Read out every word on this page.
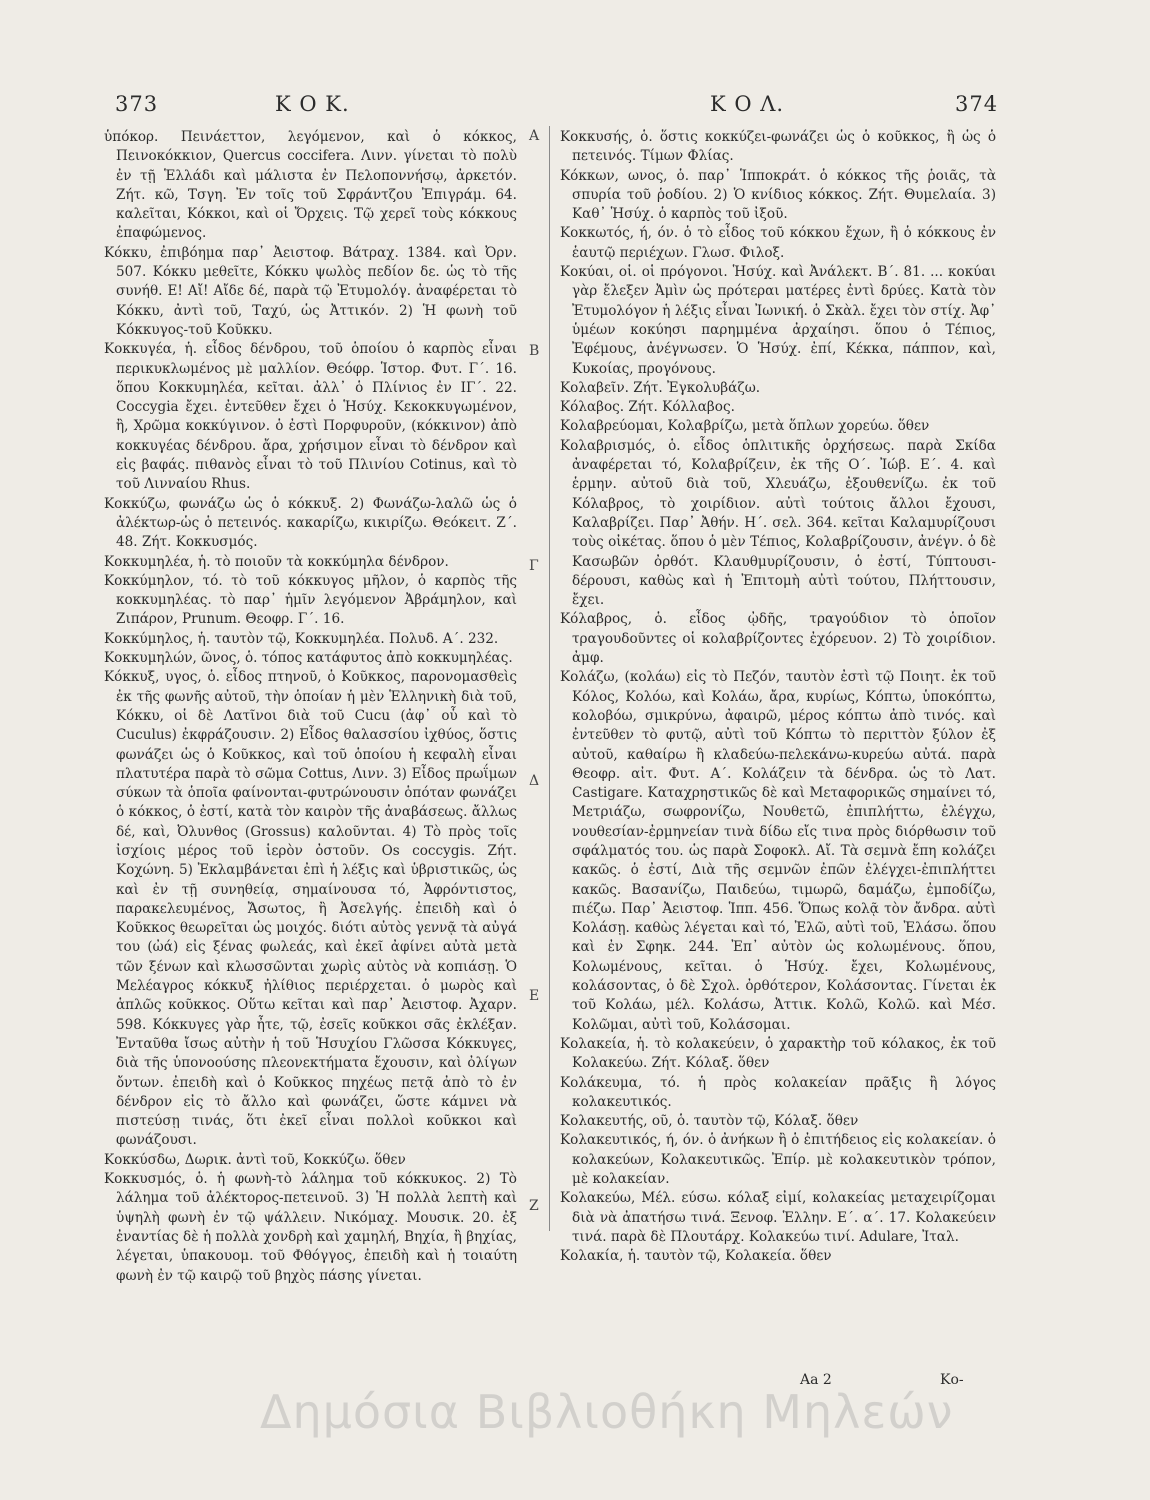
373	Κ Ο Κ.	Κ Ο Λ.	374

ὑπόκορ. Πεινάεττον, λεγόμενον, καὶ ὁ κόκκος, Πεινοκόκκιον, Quercus coccifera. Λινν. γίνεται τὸ πολὺ ἐν τῇ Ἑλλάδι καὶ μάλιστα ἐν Πελοποννήσῳ, ἀρκετόν. Ζήτ. κῶ, Τσγη. Ἐν τοῖς τοῦ Σφράντζου Ἐπιγράμ. 64. καλεῖται, Κόκκοι, καὶ οἱ Ὄρχεις. Τῷ χερεῖ τοὺς κόκκους ἐπαφώμενος.

Κόκκυ, ἐπιβόημα παρ᾽ Ἀειστοφ. Βάτραχ. 1384. καὶ Ὀρν. 507. Κόκκυ μεθεῖτε, Κόκκυ ψωλὸς πεδίον δε. ὡς τὸ τῆς συνήθ. Ε! Αἴ! Αἴδε δέ, παρὰ τῷ Ἐτυμολόγ. ἀναφέρεται τὸ Κόκκυ, ἀντὶ τοῦ, Ταχύ, ὡς Ἀττικόν. 2) Ἡ φωνὴ τοῦ Κόκκυγος-τοῦ Κοῦκκυ.

Κοκκυγέα, ἡ. εἶδος δένδρου, τοῦ ὁποίου ὁ καρπὸς εἶναι περικυκλωμένος μὲ μαλλίον. Θεόφρ. Ἱστορ. Φυτ. Γ΄. 16. ὅπου Κοκκυμηλέα, κεῖται. ἀλλ᾽ ὁ Πλίνιος ἐν ΙΓ΄. 22. Coccygia ἔχει. ἐντεῦθεν ἔχει ὁ Ἡσύχ. Κεκοκκυγωμένον, ἢ, Χρῶμα κοκκύγινον. ὁ ἐστὶ Πορφυροῦν, (κόκκινον) ἀπὸ κοκκυγέας δένδρου. ἄρα, χρήσιμον εἶναι τὸ δένδρον καὶ εἰς βαφάς. πιθανὸς εἶναι τὸ τοῦ Πλινίου Cotinus, καὶ τὸ τοῦ Λινναίου Rhus.

Κοκκύζω, φωνάζω ὡς ὁ κόκκυξ. 2) Φωνάζω-λαλῶ ὡς ὁ ἀλέκτωρ-ὡς ὁ πετεινός. κακαρίζω, κικιρίζω. Θεόκειτ. Ζ΄. 48. Ζήτ. Κοκκυσμός.

Κοκκυμηλέα, ἡ. τὸ ποιοῦν τὰ κοκκύμηλα δένδρον.

Κοκκύμηλον, τό. τὸ τοῦ κόκκυγος μῆλον, ὁ καρπὸς τῆς κοκκυμηλέας. τὸ παρ᾽ ἡμῖν λεγόμενον Ἀβράμηλον, καὶ Ζιπάρον, Prunum. Θεοφρ. Γ΄. 16.

Κοκκύμηλος, ἡ. ταυτὸν τῷ, Κοκκυμηλέα. Πολυδ. Α΄. 232.

Κοκκυμηλών, ῶνος, ὁ. τόπος κατάφυτος ἀπὸ κοκκυμηλέας.

Κόκκυξ, υγος, ὁ. εἶδος πτηνοῦ, ὁ Κοῦκκος, παρονομασθεὶς ἐκ τῆς φωνῆς αὐτοῦ, τὴν ὁποίαν ἡ μὲν Ἑλληνικὴ διὰ τοῦ, Κόκκυ, οἱ δὲ Λατῖνοι διὰ τοῦ Cucu (ἀφ᾽ οὗ καὶ τὸ Cuculus) ἐκφράζουσιν. 2) Εἶδος θαλασσίου ἰχθύος, ὅστις φωνάζει ὡς ὁ Κοῦκκος, καὶ τοῦ ὁποίου ἡ κεφαλὴ εἶναι πλατυτέρα παρὰ τὸ σῶμα Cottus, Λινν. 3) Εἶδος πρωΐμων σύκων τὰ ὁποῖα φαίνονται-φυτρώνουσιν ὁπόταν φωνάζει ὁ κόκκος, ὁ ἐστί, κατὰ τὸν καιρὸν τῆς ἀναβάσεως. ἄλλως δέ, καὶ, Ὀλυνθος (Grossus) καλοῦνται. 4) Τὸ πρὸς τοῖς ἰσχίοις μέρος τοῦ ἱερὸν ὀστοῦν. Os coccygis. Ζήτ. Κοχώνη. 5) Ἐκλαμβάνεται ἐπὶ ἡ λέξις καὶ ὑβριστικῶς, ὡς καὶ ἐν τῇ συνηθείᾳ, σημαίνουσα τό, Ἀφρόντιστος, παρακελευμένος, Ἄσωτος, ἢ Ἀσελγής. ἐπειδὴ καὶ ὁ Κοῦκκος θεωρεῖται ὡς μοιχός. διότι αὐτὸς γεννᾷ τὰ αὐγά του (ὠά) εἰς ξένας φωλεάς, καὶ ἐκεῖ ἀφίνει αὐτὰ μετὰ τῶν ξένων καὶ κλωσσῶνται χωρὶς αὐτὸς νὰ κοπιάσῃ. Ὁ Μελέαγρος κόκκυξ ἠλίθιος περιέρχεται. ὁ μωρὸς καὶ ἁπλῶς κοῦκκος. Οὕτω κεῖται καὶ παρ᾽ Ἀειστοφ. Ἀχαρν. 598. Κόκκυγες γὰρ ἦτε, τῷ, ἐσεῖς κοῦκκοι σᾶς ἐκλέξαν. Ἐνταῦθα ἴσως αὐτὴν ἡ τοῦ Ἡσυχίου Γλῶσσα Κόκκυγες, διὰ τῆς ὑπονοούσης πλεονεκτήματα ἔχουσιν, καὶ ὀλίγων ὄντων. ἐπειδὴ καὶ ὁ Κοῦκκος πηχέως πετᾷ ἀπὸ τὸ ἐν δένδρον εἰς τὸ ἄλλο καὶ φωνάζει, ὥστε κάμνει νὰ πιστεύσῃ τινάς, ὅτι ἐκεῖ εἶναι πολλοὶ κοῦκκοι καὶ φωνάζουσι.

Κοκκύσδω, Δωρικ. ἀντὶ τοῦ, Κοκκύζω. ὅθεν

Κοκκυσμός, ὁ. ἡ φωνὴ-τὸ λάλημα τοῦ κόκκυκος. 2) Τὸ λάλημα τοῦ ἀλέκτορος-πετεινοῦ. 3) Ἡ πολλὰ λεπτὴ καὶ ὑψηλὴ φωνὴ ἐν τῷ ψάλλειν. Νικόμαχ. Μουσικ. 20. ἐξ ἐναντίας δὲ ἡ πολλὰ χονδρὴ καὶ χαμηλή, Βηχία, ἢ βηχίας, λέγεται, ὑπακουομ. τοῦ Φθόγγος, ἐπειδὴ καὶ ἡ τοιαύτη φωνὴ ἐν τῷ καιρῷ τοῦ βηχὸς πάσης γίνεται.

Α
Β
Γ
Δ
Ε
Ζ

Κοκκυσής, ὁ. ὅστις κοκκύζει-φωνάζει ὡς ὁ κοῦκκος, ἢ ὡς ὁ πετεινός. Τίμων Φλίας.

Κόκκων, ωνος, ὁ. παρ᾽ Ἱπποκράτ. ὁ κόκκος τῆς ῥοιᾶς, τὰ σπυρία τοῦ ῥοδίου. 2) Ὁ κνίδιος κόκκος. Ζήτ. Θυμελαία. 3) Καθ᾽ Ἡσύχ. ὁ καρπὸς τοῦ ἰξοῦ.

Κοκκωτός, ή, όν. ὁ τὸ εἶδος τοῦ κόκκου ἔχων, ἢ ὁ κόκκους ἐν ἑαυτῷ περιέχων. Γλωσ. Φιλοξ.

Κοκύαι, οἱ. οἱ πρόγονοι. Ἡσύχ. καὶ Ἀνάλεκτ. Β΄. 81. ... κοκύαι γὰρ ἔλεξεν Ἀμὶν ὡς πρότεραι ματέρες ἐντὶ δρύες. Κατὰ τὸν Ἐτυμολόγον ἡ λέξις εἶναι Ἰωνική. ὁ Σκὰλ. ἔχει τὸν στίχ. Ἀφ᾽ ὑμέων κοκύησι παρημμένα ἀρχαίησι. ὅπου ὁ Τέπιος, Ἐφέμους, ἀνέγνωσεν. Ὁ Ἡσύχ. ἐπί, Κέκκα, πάππον, καὶ, Κυκοίας, προγόνους.

Κολαβεῖν. Ζήτ. Ἐγκολυβάζω.

Κόλαβος. Ζήτ. Κόλλαβος.

Κολαβρεύομαι, Κολαβρίζω, μετὰ ὅπλων χορεύω. ὅθεν

Κολαβρισμός, ὁ. εἶδος ὁπλιτικῆς ὀρχήσεως. παρὰ Σκίδα ἀναφέρεται τό, Κολαβρίζειν, ἐκ τῆς Ο΄. Ἰώβ. Ε΄. 4. καὶ ἑρμην. αὐτοῦ διὰ τοῦ, Χλευάζω, ἐξουθενίζω. ἐκ τοῦ Κόλαβρος, τὸ χοιρίδιον. αὐτὶ τούτοις ἄλλοι ἔχουσι, Καλαβρίζει. Παρ᾽ Ἀθήν. Η΄. σελ. 364. κεῖται Καλαμυρίζουσι τοὺς οἰκέτας. ὅπου ὁ μὲν Τέπιος, Κολαβρίζουσιν, ἀνέγν. ὁ δὲ Κασωβῶν ὀρθότ. Κλαυθμυρίζουσιν, ὁ ἐστί, Τύπτουσι-δέρουσι, καθὼς καὶ ἡ Ἐπιτομὴ αὐτὶ τούτου, Πλήττουσιν, ἔχει.

Κόλαβρος, ὁ. εἶδος ᾠδῆς, τραγούδιον τὸ ὁποῖον τραγουδοῦντες οἱ κολαβρίζοντες ἐχόρευον. 2) Τὸ χοιρίδιον. ἀμφ.

Κολάζω, (κολάω) εἰς τὸ Πεζόν, ταυτὸν ἐστὶ τῷ Ποιητ. ἐκ τοῦ Κόλος, Κολόω, καὶ Κολάω, ἄρα, κυρίως, Κόπτω, ὑποκόπτω, κολοβόω, σμικρύνω, ἀφαιρῶ, μέρος κόπτω ἀπὸ τινός. καὶ ἐντεῦθεν τὸ φυτῷ, αὐτὶ τοῦ Κόπτω τὸ περιττὸν ξύλον ἐξ αὐτοῦ, καθαίρω ἢ κλαδεύω-πελεκάνω-κυρεύω αὐτά. παρὰ Θεοφρ. αἰτ. Φυτ. Α΄. Κολάζειν τὰ δένδρα. ὡς τὸ Λατ. Castigare. Καταχρηστικῶς δὲ καὶ Μεταφορικῶς σημαίνει τό, Μετριάζω, σωφρονίζω, Νουθετῶ, ἐπιπλήττω, ἐλέγχω, νουθεσίαν-ἐρμηνείαν τινὰ δίδω εἴς τινα πρὸς διόρθωσιν τοῦ σφάλματός του. ὡς παρὰ Σοφοκλ. Αἴ. Τὰ σεμνὰ ἔπη κολάζει κακῶς. ὁ ἐστί, Διὰ τῆς σεμνῶν ἐπῶν ἐλέγχει-ἐπιπλήττει κακῶς. Βασανίζω, Παιδεύω, τιμωρῶ, δαμάζω, ἐμποδίζω, πιέζω. Παρ᾽ Ἀειστοφ. Ἱππ. 456. Ὅπως κολᾷ τὸν ἄνδρα. αὐτὶ Κολάσῃ. καθὼς λέγεται καὶ τό, Ἐλῶ, αὐτὶ τοῦ, Ἐλάσω. ὅπου καὶ ἐν Σφηκ. 244. Ἐπ᾽ αὐτὸν ὡς κολωμένους. ὅπου, Κολωμένους, κεῖται. ὁ Ἡσύχ. ἔχει, Κολωμένους, κολάσοντας, ὁ δὲ Σχολ. ὀρθότερον, Κολάσοντας. Γίνεται ἐκ τοῦ Κολάω, μέλ. Κολάσω, Ἀττικ. Κολῶ, Κολῶ. καὶ Μέσ. Κολῶμαι, αὐτὶ τοῦ, Κολάσομαι.

Κολακεία, ἡ. τὸ κολακεύειν, ὁ χαρακτὴρ τοῦ κόλακος, ἐκ τοῦ Κολακεύω. Ζήτ. Κόλαξ. ὅθεν

Κολάκευμα, τό. ἡ πρὸς κολακείαν πρᾶξις ἢ λόγος κολακευτικός.

Κολακευτής, οῦ, ὁ. ταυτὸν τῷ, Κόλαξ. ὅθεν

Κολακευτικός, ή, όν. ὁ ἀνήκων ἢ ὁ ἐπιτήδειος εἰς κολακείαν. ὁ κολακεύων, Κολακευτικῶς. Ἐπίρ. μὲ κολακευτικὸν τρόπον, μὲ κολακείαν.

Κολακεύω, Μέλ. εύσω. κόλαξ εἰμί, κολακείας μεταχειρίζομαι διὰ νὰ ἀπατήσω τινά. Ξενοφ. Ἑλλην. Ε΄. α΄. 17. Κολακεύειν τινά. παρὰ δὲ Πλουτάρχ. Κολακεύω τινί. Adulare, Ἰταλ.

Κολακία, ἡ. ταυτὸν τῷ, Κολακεία. ὅθεν

Aa 2	Κο-
Δημόσια Βιβλιοθήκη Μηλεών
